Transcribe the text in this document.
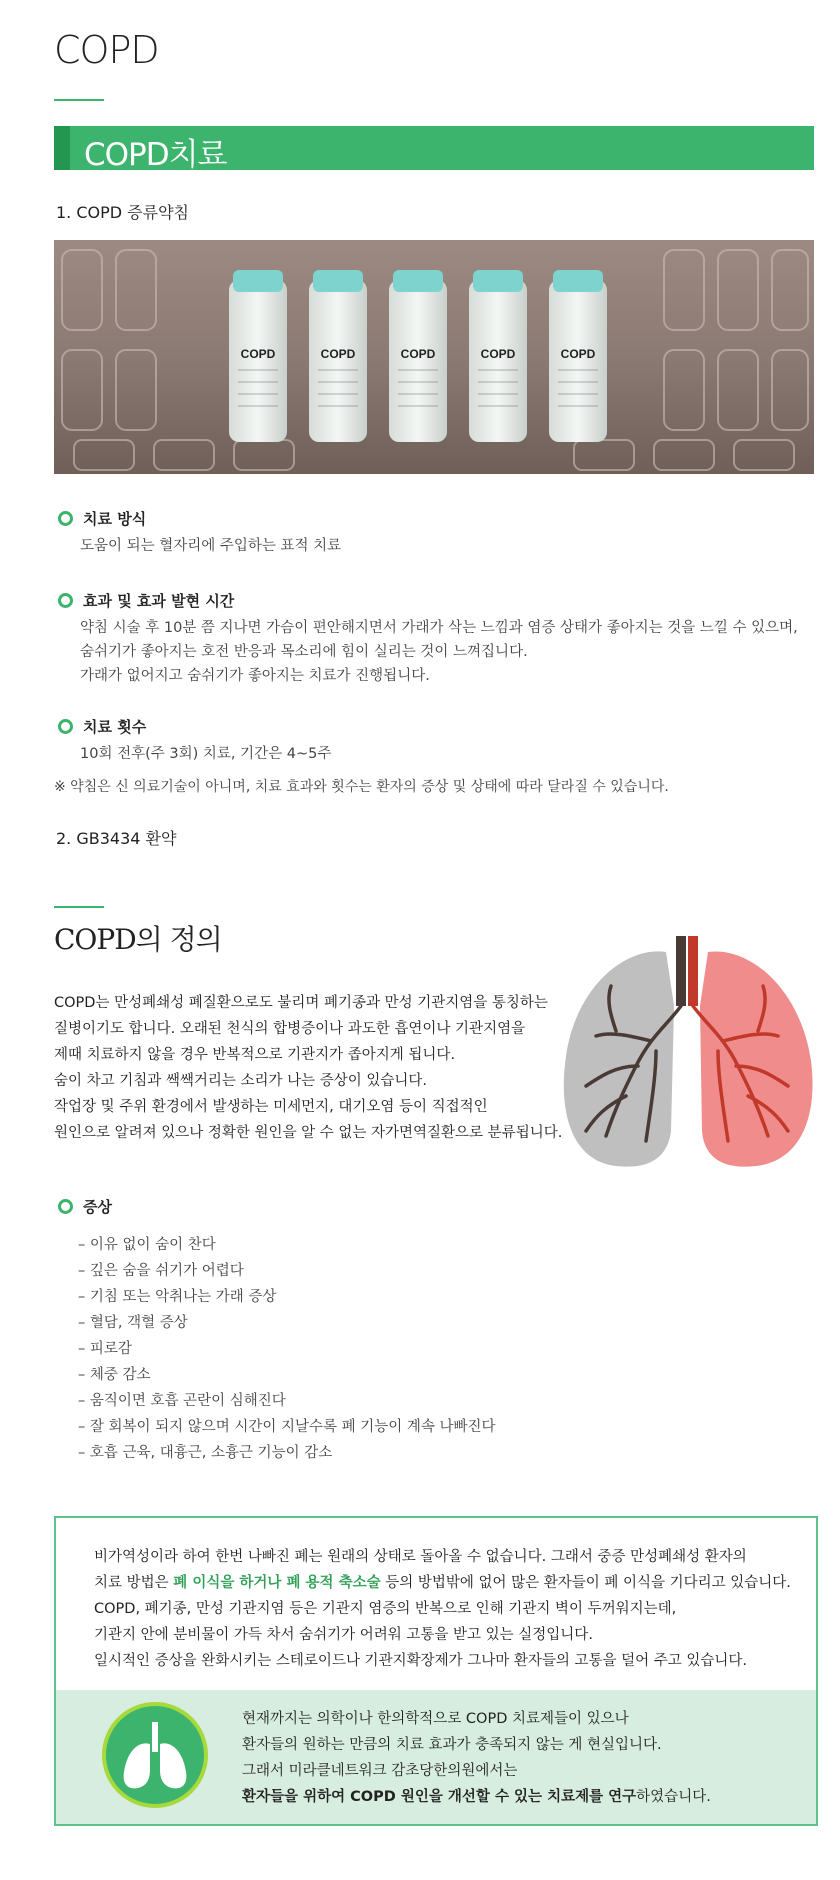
COPD
COPD치료
1. COPD 증류약침
COPD	COPD	COPD	COPD	COPD
치료 방식
도움이 되는 혈자리에 주입하는 표적 치료
효과 및 효과 발현 시간
약침 시술 후 10분 쯤 지나면 가슴이 편안해지면서 가래가 삭는 느낌과 염증 상태가 좋아지는 것을 느낄 수 있으며,
숨쉬기가 좋아지는 호전 반응과 목소리에 힘이 실리는 것이 느껴집니다.
가래가 없어지고 숨쉬기가 좋아지는 치료가 진행됩니다.
치료 횟수
10회 전후(주 3회) 치료, 기간은 4~5주
※ 약침은 신 의료기술이 아니며, 치료 효과와 횟수는 환자의 증상 및 상태에 따라 달라질 수 있습니다.
2. GB3434 환약
COPD의 정의
COPD는 만성폐쇄성 폐질환으로도 불리며 폐기종과 만성 기관지염을 통칭하는
질병이기도 합니다. 오래된 천식의 합병증이나 과도한 흡연이나 기관지염을
제때 치료하지 않을 경우 반복적으로 기관지가 좁아지게 됩니다.
숨이 차고 기침과 쌕쌕거리는 소리가 나는 증상이 있습니다.
작업장 및 주위 환경에서 발생하는 미세먼지, 대기오염 등이 직접적인
원인으로 알려져 있으나 정확한 원인을 알 수 없는 자가면역질환으로 분류됩니다.
증상
– 이유 없이 숨이 찬다
– 깊은 숨을 쉬기가 어렵다
– 기침 또는 악취나는 가래 증상
– 혈담, 객혈 증상
– 피로감
– 체중 감소
– 움직이면 호흡 곤란이 심해진다
– 잘 회복이 되지 않으며 시간이 지날수록 폐 기능이 계속 나빠진다
– 호흡 근육, 대흉근, 소흉근 기능이 감소
비가역성이라 하여 한번 나빠진 폐는 원래의 상태로 돌아올 수 없습니다. 그래서 중증 만성폐쇄성 환자의
치료 방법은 폐 이식을 하거나 폐 용적 축소술 등의 방법밖에 없어 많은 환자들이 폐 이식을 기다리고 있습니다.
COPD, 폐기종, 만성 기관지염 등은 기관지 염증의 반복으로 인해 기관지 벽이 두꺼워지는데,
기관지 안에 분비물이 가득 차서 숨쉬기가 어려워 고통을 받고 있는 실정입니다.
일시적인 증상을 완화시키는 스테로이드나 기관지확장제가 그나마 환자들의 고통을 덜어 주고 있습니다.
현재까지는 의학이나 한의학적으로 COPD 치료제들이 있으나
환자들의 원하는 만큼의 치료 효과가 충족되지 않는 게 현실입니다.
그래서 미라클네트워크 감초당한의원에서는
환자들을 위하여 COPD 원인을 개선할 수 있는 치료제를 연구하였습니다.
